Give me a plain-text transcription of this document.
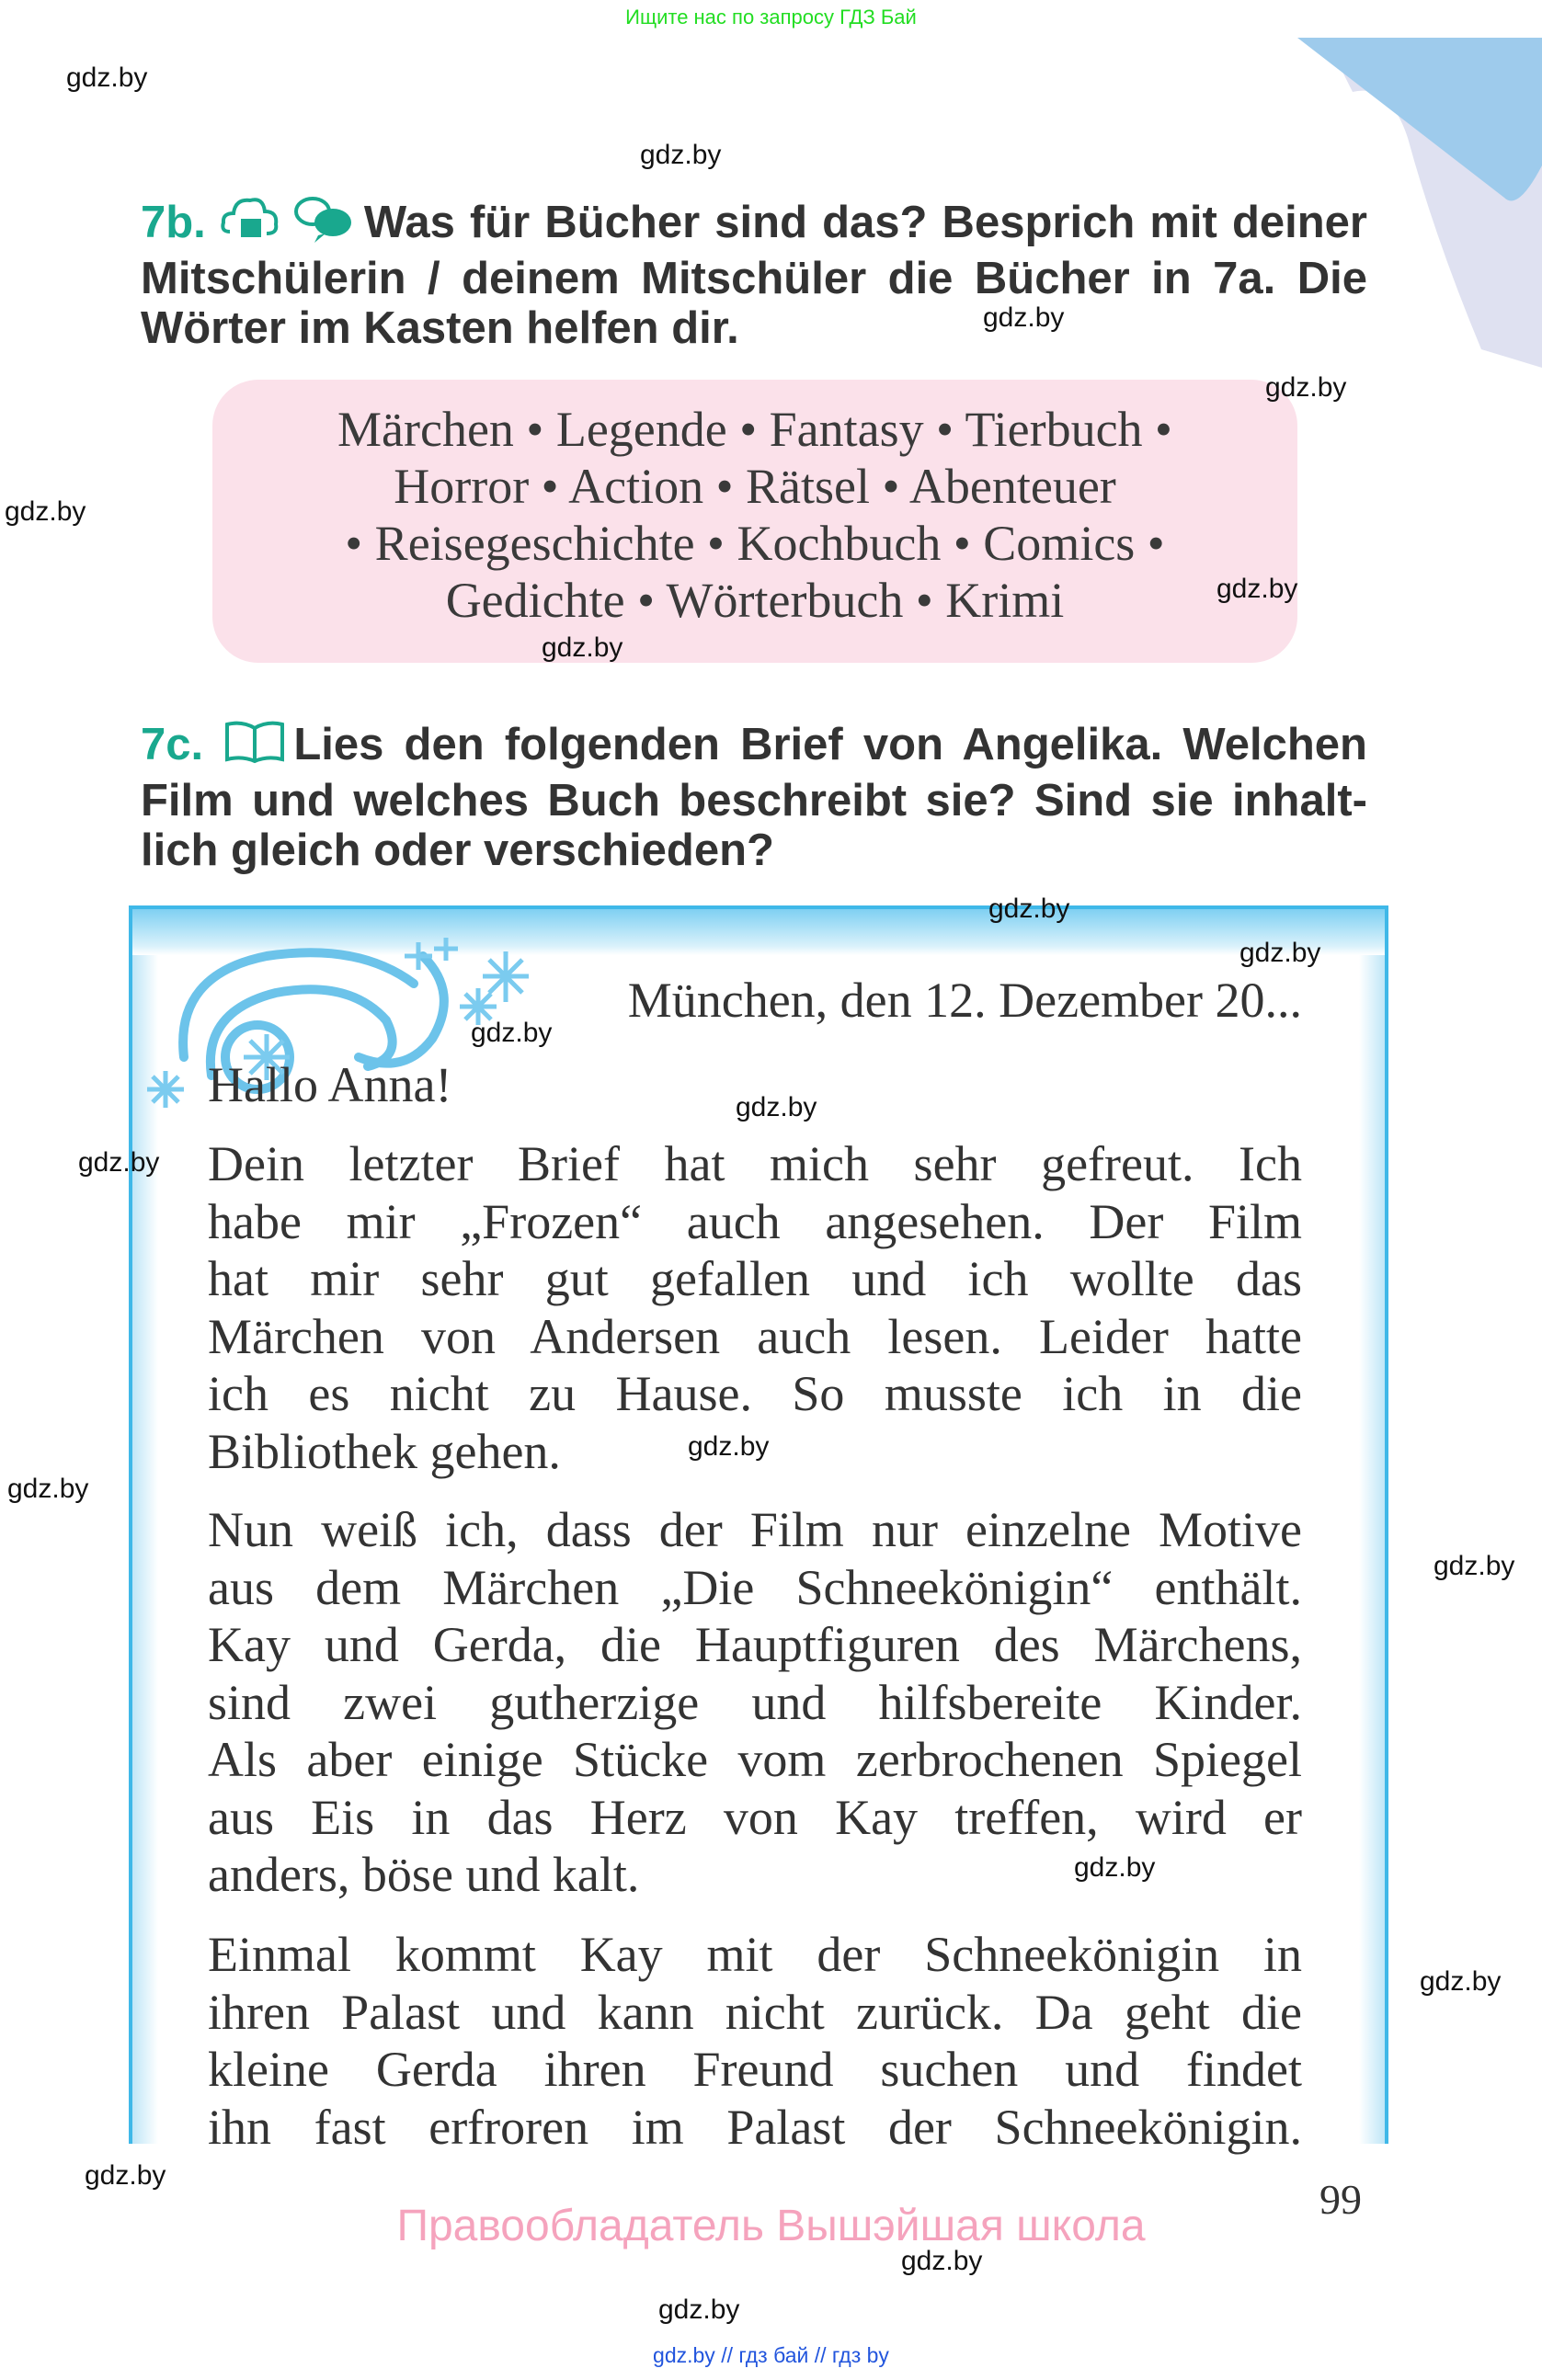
Ищите нас по запросу ГДЗ Бай
7b.	Was für Bücher sind das? Besprich mit deiner
Mitschülerin / deinem Mitschüler die Bücher in 7a. Die
Wörter im Kasten helfen dir.
Märchen • Legende • Fantasy • Tierbuch •
Horror • Action • Rätsel • Abenteuer
• Reisegeschichte • Kochbuch • Comics •
Gedichte • Wörterbuch • Krimi
7c. Lies den folgenden Brief von Angelika. Welchen
Film und welches Buch beschreibt sie? Sind sie inhalt-
lich gleich oder verschieden?
München, den 12. Dezember 20...
Hallo Anna!
Dein letzter Brief hat mich sehr gefreut. Ich
habe mir „Frozen“ auch angesehen. Der Film
hat mir sehr gut gefallen und ich wollte das
Märchen von Andersen auch lesen. Leider hatte
ich es nicht zu Hause. So musste ich in die
Bibliothek gehen.
Nun weiß ich, dass der Film nur einzelne Motive
aus dem Märchen „Die Schneekönigin“ enthält.
Kay und Gerda, die Hauptfiguren des Märchens,
sind zwei gutherzige und hilfsbereite Kinder.
Als aber einige Stücke vom zerbrochenen Spiegel
aus Eis in das Herz von Kay treffen, wird er
anders, böse und kalt.
Einmal kommt Kay mit der Schneekönigin in
ihren Palast und kann nicht zurück. Da geht die
kleine Gerda ihren Freund suchen und findet
ihn fast erfroren im Palast der Schneekönigin.
99
Правообладатель Вышэйшая школа
gdz.by // гдз бай // гдз by
gdz.by
gdz.by
gdz.by
gdz.by
gdz.by
gdz.by
gdz.by
gdz.by
gdz.by
gdz.by
gdz.by
gdz.by
gdz.by
gdz.by
gdz.by
gdz.by
gdz.by
gdz.by
gdz.by
gdz.by
